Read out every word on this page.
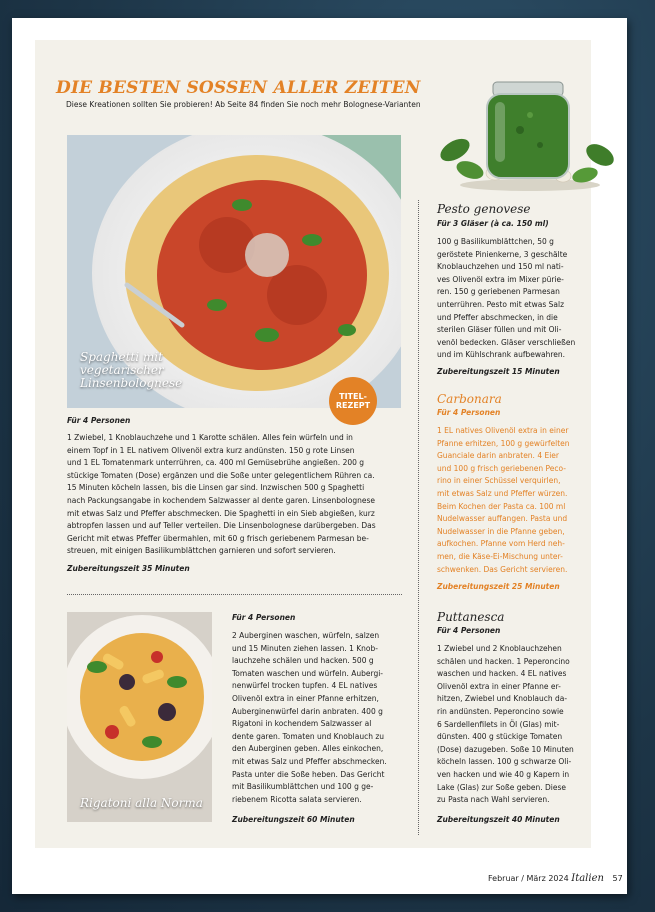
DIE BESTEN SOSSEN ALLER ZEITEN
Diese Kreationen sollten Sie probieren! Ab Seite 84 finden Sie noch mehr Bolognese-Varianten
Spaghetti mit
vegetarischer
Linsenbolognese
TITEL-
REZEPT
Für 4 Personen
1 Zwiebel, 1 Knoblauchzehe und 1 Karotte schälen. Alles fein würfeln und in
einem Topf in 1 EL nativem Olivenöl extra kurz andünsten. 150 g rote Linsen
und 1 EL Tomatenmark unterrühren, ca. 400 ml Gemüsebrühe angießen. 200 g
stückige Tomaten (Dose) ergänzen und die Soße unter gelegentlichem Rühren ca.
15 Minuten köcheln lassen, bis die Linsen gar sind. Inzwischen 500 g Spaghetti
nach Packungsangabe in kochendem Salzwasser al dente garen. Linsenbolognese
mit etwas Salz und Pfeffer abschmecken. Die Spaghetti in ein Sieb abgießen, kurz
abtropfen lassen und auf Teller verteilen. Die Linsenbolognese darübergeben. Das
Gericht mit etwas Pfeffer übermahlen, mit 60 g frisch geriebenem Parmesan be-
streuen, mit einigen Basilikumblättchen garnieren und sofort servieren.
Zubereitungszeit 35 Minuten
Rigatoni alla Norma
Für 4 Personen
2 Auberginen waschen, würfeln, salzen
und 15 Minuten ziehen lassen. 1 Knob-
lauchzehe schälen und hacken. 500 g
Tomaten waschen und würfeln. Aubergi-
nenwürfel trocken tupfen. 4 EL natives
Olivenöl extra in einer Pfanne erhitzen,
Auberginenwürfel darin anbraten. 400 g
Rigatoni in kochendem Salzwasser al
dente garen. Tomaten und Knoblauch zu
den Auberginen geben. Alles einkochen,
mit etwas Salz und Pfeffer abschmecken.
Pasta unter die Soße heben. Das Gericht
mit Basilikumblättchen und 100 g ge-
riebenem Ricotta salata servieren.
Zubereitungszeit 60 Minuten
Pesto genovese
Für 3 Gläser (à ca. 150 ml)
100 g Basilikumblättchen, 50 g
geröstete Pinienkerne, 3 geschälte
Knoblauchzehen und 150 ml nati-
ves Olivenöl extra im Mixer pürie-
ren. 150 g geriebenen Parmesan
unterrühren. Pesto mit etwas Salz
und Pfeffer abschmecken, in die
sterilen Gläser füllen und mit Oli-
venöl bedecken. Gläser verschließen
und im Kühlschrank aufbewahren.
Zubereitungszeit 15 Minuten
Carbonara
Für 4 Personen
1 EL natives Olivenöl extra in einer
Pfanne erhitzen, 100 g gewürfelten
Guanciale darin anbraten. 4 Eier
und 100 g frisch geriebenen Peco-
rino in einer Schüssel verquirlen,
mit etwas Salz und Pfeffer würzen.
Beim Kochen der Pasta ca. 100 ml
Nudelwasser auffangen. Pasta und
Nudelwasser in die Pfanne geben,
aufkochen. Pfanne vom Herd neh-
men, die Käse-Ei-Mischung unter-
schwenken. Das Gericht servieren.
Zubereitungszeit 25 Minuten
Puttanesca
Für 4 Personen
1 Zwiebel und 2 Knoblauchzehen
schälen und hacken. 1 Peperoncino
waschen und hacken. 4 EL natives
Olivenöl extra in einer Pfanne er-
hitzen, Zwiebel und Knoblauch da-
rin andünsten. Peperoncino sowie
6 Sardellenfilets in Öl (Glas) mit-
dünsten. 400 g stückige Tomaten
(Dose) dazugeben. Soße 10 Minuten
köcheln lassen. 100 g schwarze Oli-
ven hacken und wie 40 g Kapern in
Lake (Glas) zur Soße geben. Diese
zu Pasta nach Wahl servieren.
Zubereitungszeit 40 Minuten
Februar / März 2024 Italien 57
